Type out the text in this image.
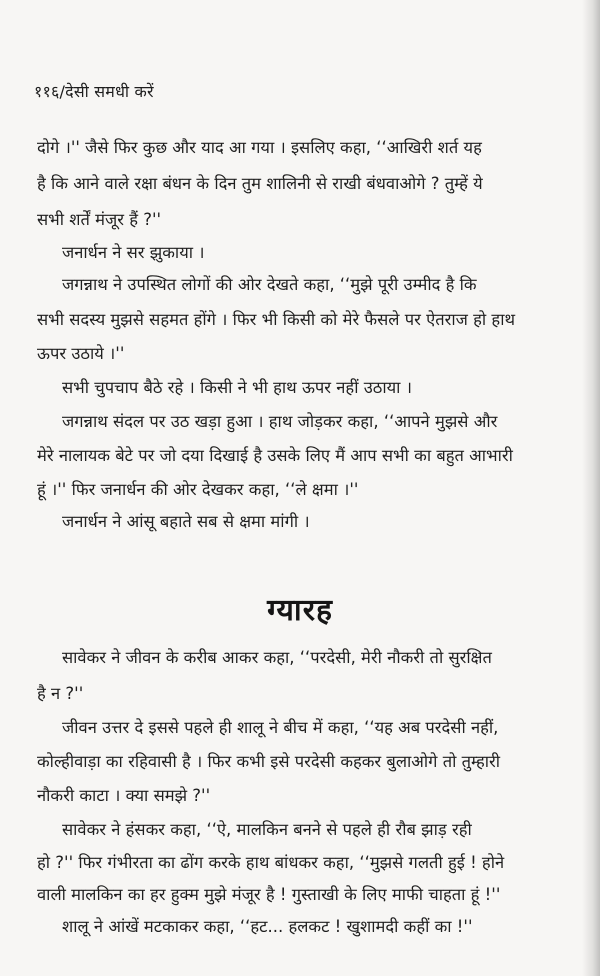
११६/देसी समधी करें
दोगे ।'' जैसे फिर कुछ और याद आ गया । इसलिए कहा, ‘‘आखिरी शर्त यह
है कि आने वाले रक्षा बंधन के दिन तुम शालिनी से राखी बंधवाओगे ? तुम्हें ये
सभी शर्तें मंजूर हैं ?''
जनार्धन ने सर झुकाया ।
जगन्नाथ ने उपस्थित लोगों की ओर देखते कहा, ‘‘मुझे पूरी उम्मीद है कि
सभी सदस्य मुझसे सहमत होंगे । फिर भी किसी को मेरे फैसले पर ऐतराज हो हाथ
ऊपर उठाये ।''
सभी चुपचाप बैठे रहे । किसी ने भी हाथ ऊपर नहीं उठाया ।
जगन्नाथ संदल पर उठ खड़ा हुआ । हाथ जोड़कर कहा, ‘‘आपने मुझसे और
मेरे नालायक बेटे पर जो दया दिखाई है उसके लिए मैं आप सभी का बहुत आभारी
हूं ।'' फिर जनार्धन की ओर देखकर कहा, ‘‘ले क्षमा ।''
जनार्धन ने आंसू बहाते सब से क्षमा मांगी ।
ग्यारह
सावेकर ने जीवन के करीब आकर कहा, ‘‘परदेसी, मेरी नौकरी तो सुरक्षित
है न ?''
जीवन उत्तर दे इससे पहले ही शालू ने बीच में कहा, ‘‘यह अब परदेसी नहीं,
कोल्हीवाड़ा का रहिवासी है । फिर कभी इसे परदेसी कहकर बुलाओगे तो तुम्हारी
नौकरी काटा । क्या समझे ?''
सावेकर ने हंसकर कहा, ‘‘ऐ, मालकिन बनने से पहले ही रौब झाड़ रही
हो ?'' फिर गंभीरता का ढोंग करके हाथ बांधकर कहा, ‘‘मुझसे गलती हुई ! होने
वाली मालकिन का हर हुक्म मुझे मंजूर है ! गुस्ताखी के लिए माफी चाहता हूं !''
शालू ने आंखें मटकाकर कहा, ‘‘हट... हलकट ! खुशामदी कहीं का !''
